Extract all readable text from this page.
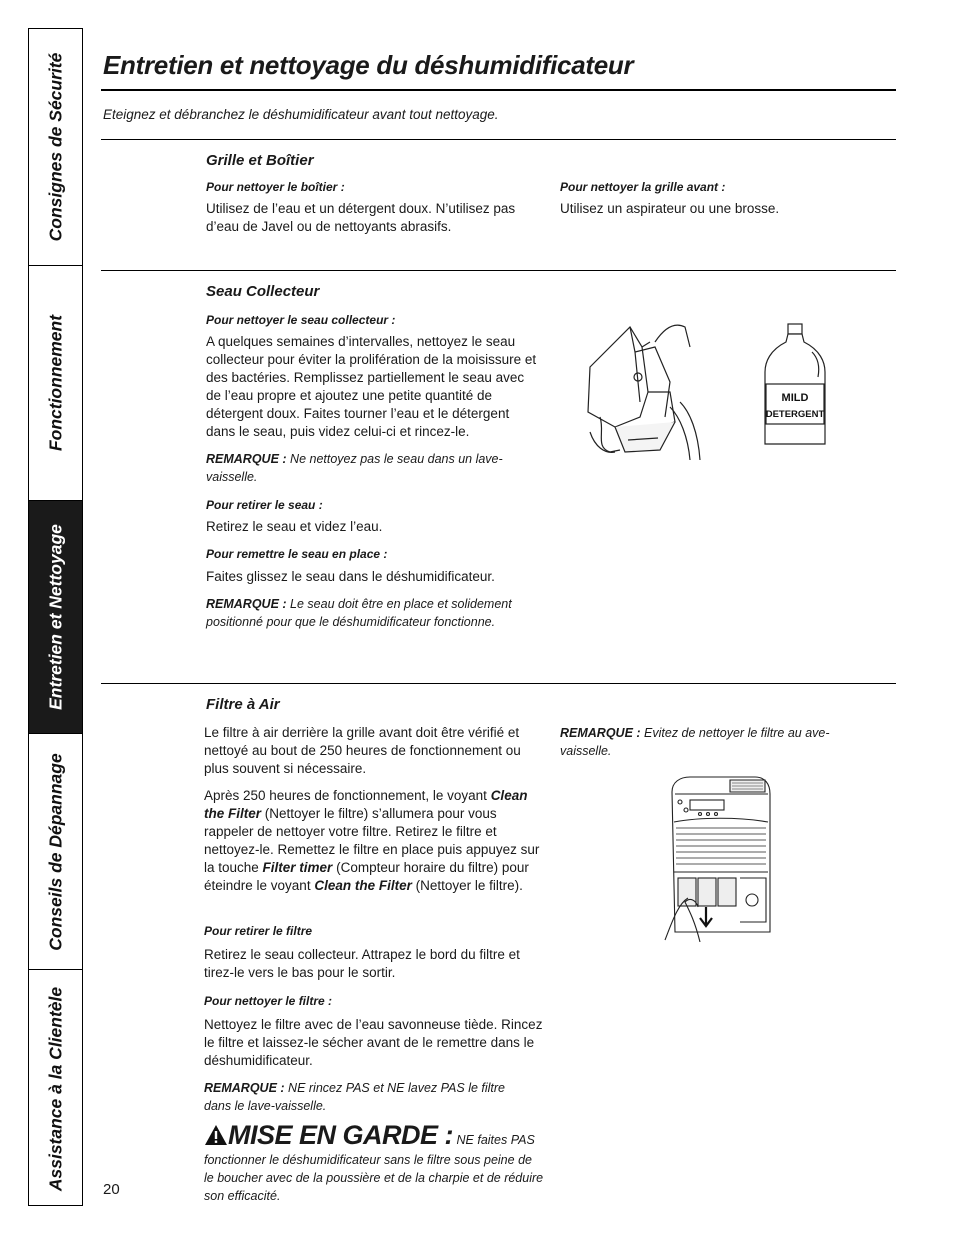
Consignes de Sécurité
Fonctionnement
Entretien et Nettoyage
Conseils de Dépannage
Assistance à la Clientèle
Entretien et nettoyage du déshumidificateur
Eteignez et débranchez le déshumidificateur avant tout nettoyage.
Grille et Boîtier
Pour nettoyer le boîtier :

Utilisez de l’eau et un détergent doux. N’utilisez pas d’eau de Javel ou de nettoyants abrasifs.

Pour nettoyer la grille avant :

Utilisez un aspirateur ou une brosse.

Seau Collecteur
Pour nettoyer le seau collecteur :

A quelques semaines d’intervalles, nettoyez le seau collecteur pour éviter la prolifération de la moisissure et des bactéries. Remplissez partiellement le seau avec de l’eau propre et ajoutez une petite quantité de détergent doux. Faites tourner l’eau et le détergent dans le seau, puis videz celui-ci et rincez-le.

REMARQUE : Ne nettoyez pas le seau dans un lave-vaisselle.

Pour retirer le seau :

Retirez le seau et videz l’eau.

Pour remettre le seau en place :

Faites glissez le seau dans le déshumidificateur.

REMARQUE : Le seau doit être en place et solidement positionné pour que le déshumidificateur fonctionne.

MILD
DETERGENT
Filtre à Air

Le filtre à air derrière la grille avant doit être vérifié et nettoyé au bout de 250 heures de fonctionnement ou plus souvent si nécessaire.

Après 250 heures de fonctionnement, le voyant Clean the Filter (Nettoyer le filtre) s’allumera pour vous rappeler de nettoyer votre filtre. Retirez le filtre et nettoyez-le. Remettez le filtre en place puis appuyez sur la touche Filter timer (Compteur horaire du filtre) pour éteindre le voyant Clean the Filter (Nettoyer le filtre).

Pour retirer le filtre

Retirez le seau collecteur. Attrapez le bord du filtre et tirez-le vers le bas pour le sortir.

Pour nettoyer le filtre :

Nettoyez le filtre avec de l’eau savonneuse tiède. Rincez le filtre et laissez-le sécher avant de le remettre dans le déshumidificateur.

REMARQUE : NE rincez PAS et NE lavez PAS le filtre dans le lave-vaisselle.

MISE EN GARDE : NE faites PAS
fonctionner le déshumidificateur sans le filtre sous peine de le boucher avec de la poussière et de la charpie et de réduire son efficacité.

REMARQUE : Evitez de nettoyer le filtre au ave-vaisselle.

20
